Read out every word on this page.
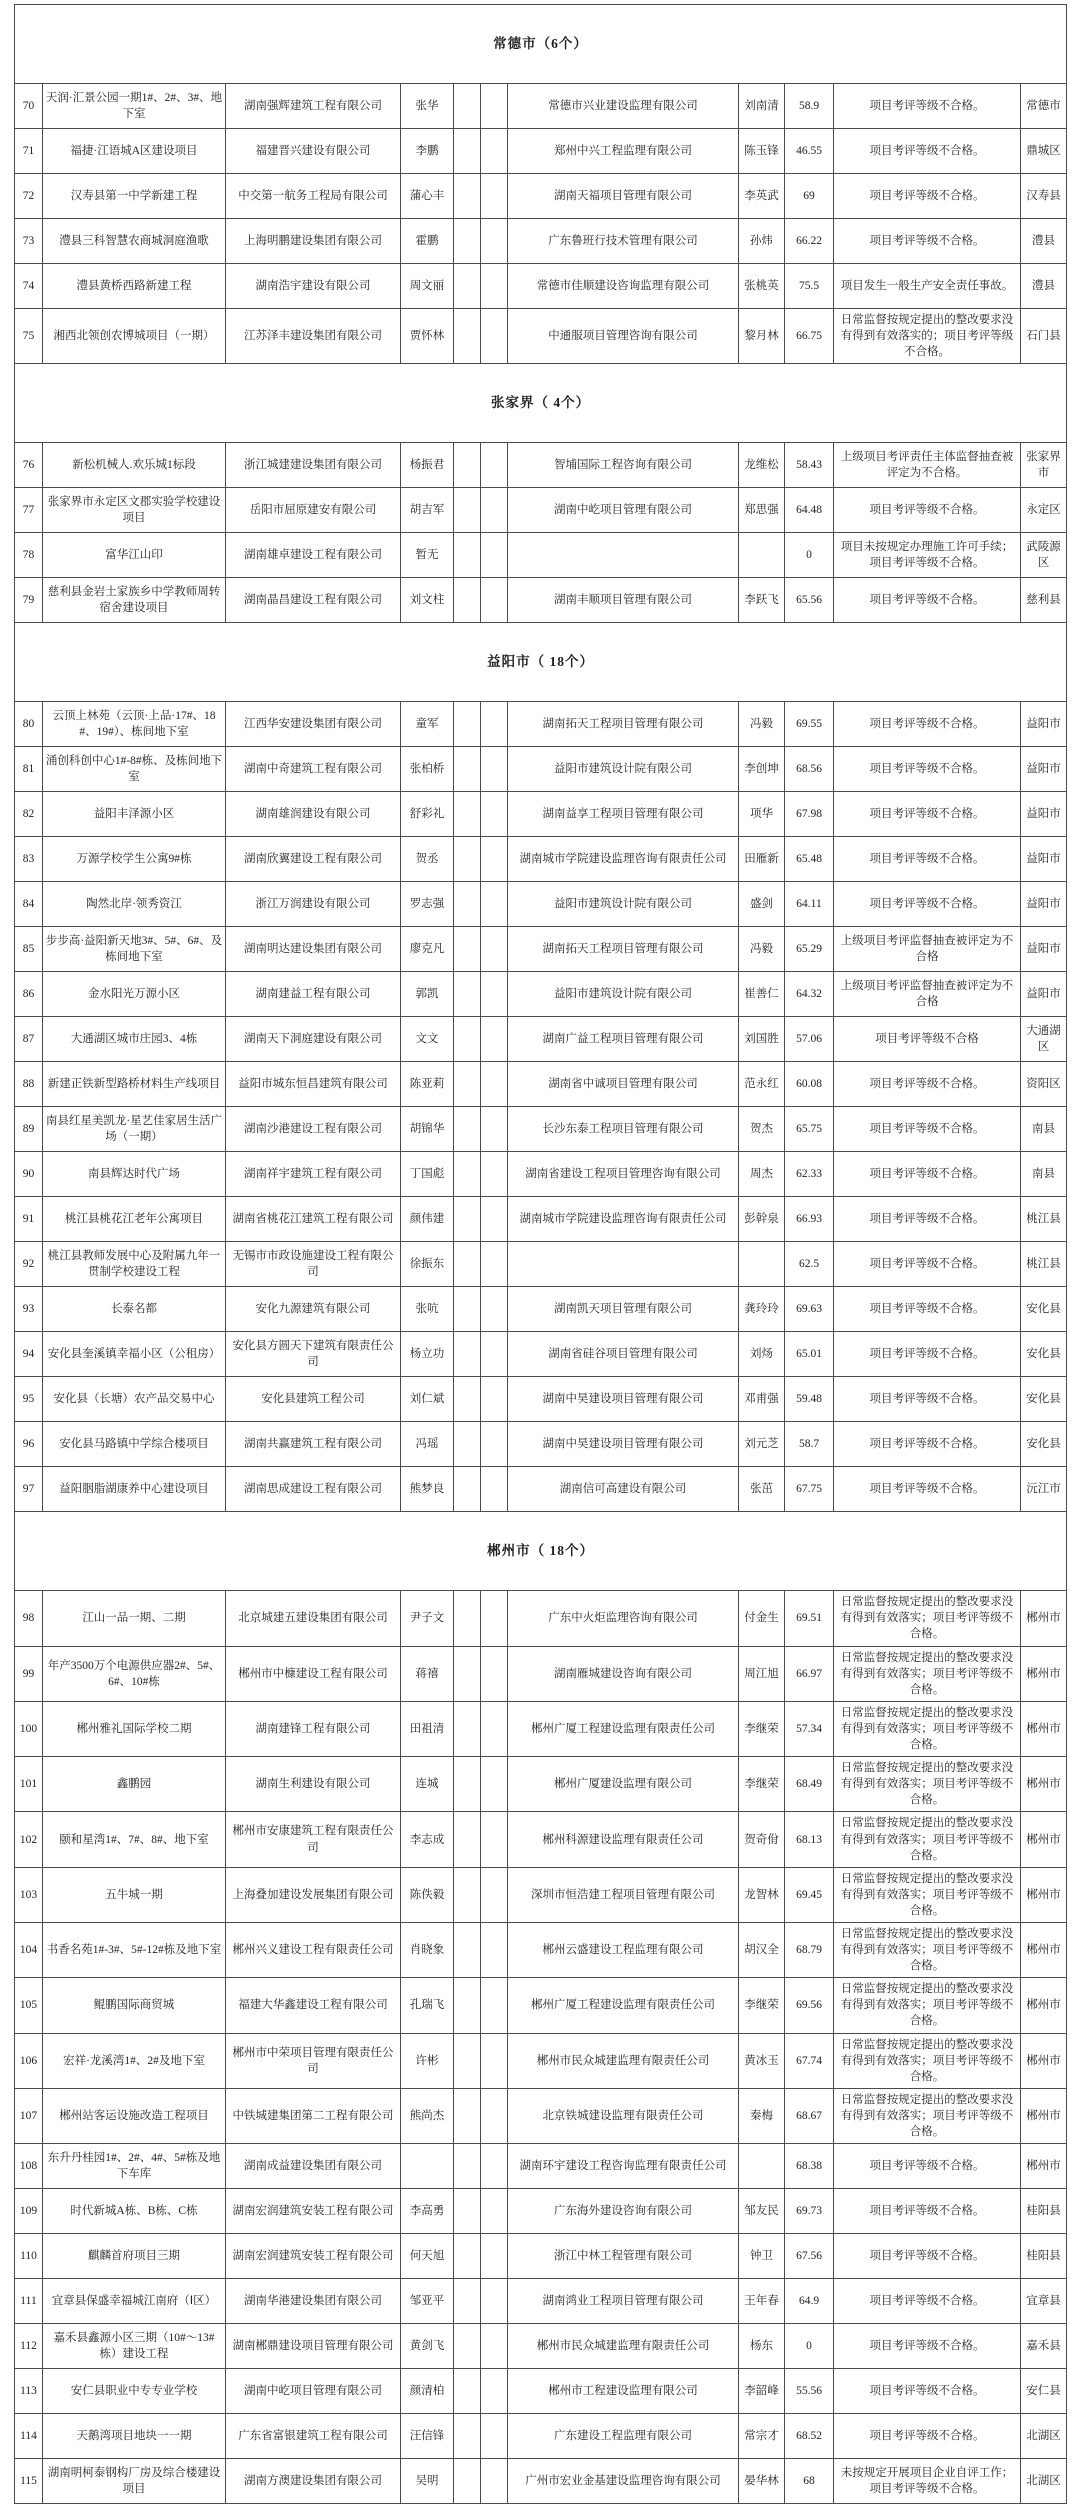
常德市（6个）										
70	天润·汇景公园一期1#、2#、3#、地下室	湖南强辉建筑工程有限公司	张华			常德市兴业建设监理有限公司	刘南清	58.9	项目考评等级不合格。	常德市
71	福捷·江语城A区建设项目	福建晋兴建设有限公司	李鹏			郑州中兴工程监理有限公司	陈玉锋	46.55	项目考评等级不合格。	鼎城区
72	汉寿县第一中学新建工程	中交第一航务工程局有限公司	蒲心丰			湖南天福项目管理有限公司	李英武	69	项目考评等级不合格。	汉寿县
73	澧县三科智慧农商城洞庭渔歌	上海明鹏建设集团有限公司	霍鹏			广东鲁班行技术管理有限公司	孙炜	66.22	项目考评等级不合格。	澧县
74	澧县黄桥西路新建工程	湖南浩宇建设有限公司	周文丽			常德市佳顺建设咨询监理有限公司	张桃英	75.5	项目发生一般生产安全责任事故。	澧县
75	湘西北领创农博城项目（一期）	江苏泽丰建设集团有限公司	贾怀林			中通服项目管理咨询有限公司	黎月林	66.75	日常监督按规定提出的整改要求没有得到有效落实的；项目考评等级不合格。	石门县
张家界（ 4个）										
76	新松机械人.欢乐城1标段	浙江城建建设集团有限公司	杨振君			智埔国际工程咨询有限公司	龙维松	58.43	上级项目考评责任主体监督抽查被评定为不合格。	张家界市
77	张家界市永定区文郡实验学校建设项目	岳阳市屈原建安有限公司	胡吉军			湖南中屹项目管理有限公司	郑思强	64.48	项目考评等级不合格。	永定区
78	富华江山印	湖南雄卓建设工程有限公司	暂无					0	项目未按规定办理施工许可手续；项目考评等级不合格。	武陵源区
79	慈利县金岩土家族乡中学教师周转宿舍建设项目	湖南晶昌建设工程有限公司	刘文柱			湖南丰顺项目管理有限公司	李跃飞	65.56	项目考评等级不合格。	慈利县
益阳市（ 18个）										
80	云顶上林苑（云顶·上品·17#、18#、19#）、栋间地下室	江西华安建设集团有限公司	童军			湖南拓天工程项目管理有限公司	冯毅	69.55	项目考评等级不合格。	益阳市
81	涌创科创中心1#-8#栋、及栋间地下室	湖南中奇建筑工程有限公司	张柏桥			益阳市建筑设计院有限公司	李创坤	68.56	项目考评等级不合格。	益阳市
82	益阳丰泽源小区	湖南雄润建设有限公司	舒彩礼			湖南益享工程项目管理有限公司	项华	67.98	项目考评等级不合格。	益阳市
83	万源学校学生公寓9#栋	湖南欣翼建设工程有限公司	贺丞			湖南城市学院建设监理咨询有限责任公司	田雁新	65.48	项目考评等级不合格。	益阳市
84	陶然北岸·领秀资江	浙江万润建设有限公司	罗志强			益阳市建筑设计院有限公司	盛剑	64.11	项目考评等级不合格。	益阳市
85	步步高·益阳新天地3#、5#、6#、及栋间地下室	湖南明达建设集团有限公司	廖克凡			湖南拓天工程项目管理有限公司	冯毅	65.29	上级项目考评监督抽查被评定为不合格	益阳市
86	金水阳光万源小区	湖南建益工程有限公司	郭凯			益阳市建筑设计院有限公司	崔善仁	64.32	上级项目考评监督抽查被评定为不合格	益阳市
87	大通湖区城市庄园3、4栋	湖南天下洞庭建设有限公司	文文			湖南广益工程项目管理有限公司	刘国胜	57.06	项目考评等级不合格	大通湖区
88	新建正铁新型路桥材料生产线项目	益阳市城东恒昌建筑有限公司	陈亚莉			湖南省中诚项目管理有限公司	范永红	60.08	项目考评等级不合格。	资阳区
89	南县红星美凯龙·星艺佳家居生活广场（一期）	湖南沙港建设工程有限公司	胡锦华			长沙东泰工程项目管理有限公司	贺杰	65.75	项目考评等级不合格。	南县
90	南县辉达时代广场	湖南祥宇建筑工程有限公司	丁国彪			湖南省建设工程项目管理咨询有限公司	周杰	62.33	项目考评等级不合格。	南县
91	桃江县桃花江老年公寓项目	湖南省桃花江建筑工程有限公司	颜伟建			湖南城市学院建设监理咨询有限责任公司	彭幹泉	66.93	项目考评等级不合格。	桃江县
92	桃江县教师发展中心及附属九年一贯制学校建设工程	无锡市市政设施建设工程有限公司	徐振东					62.5	项目考评等级不合格。	桃江县
93	长泰名都	安化九源建筑有限公司	张吭			湖南凯天项目管理有限公司	龚玲玲	69.63	项目考评等级不合格。	安化县
94	安化县奎溪镇幸福小区（公租房）	安化县方圆天下建筑有限责任公司	杨立功			湖南省硅谷项目管理有限公司	刘炀	65.01	项目考评等级不合格。	安化县
95	安化县（长塘）农产品交易中心	安化县建筑工程公司	刘仁斌			湖南中昊建设项目管理有限公司	邓甫强	59.48	项目考评等级不合格。	安化县
96	安化县马路镇中学综合楼项目	湖南共赢建筑工程有限公司	冯瑶			湖南中昊建设项目管理有限公司	刘元芝	58.7	项目考评等级不合格。	安化县
97	益阳胭脂湖康养中心建设项目	湖南思成建设工程有限公司	熊梦良			湖南信可高建设有限公司	张茁	67.75	项目考评等级不合格。	沅江市
郴州市（ 18个）										
98	江山一品一期、二期	北京城建五建设集团有限公司	尹子文			广东中火炬监理咨询有限公司	付金生	69.51	日常监督按规定提出的整改要求没有得到有效落实；项目考评等级不合格。	郴州市
99	年产3500万个电源供应器2#、5#、6#、10#栋	郴州市中槺建设工程有限公司	蒋禧			湖南雁城建设咨询有限公司	周江旭	66.97	日常监督按规定提出的整改要求没有得到有效落实；项目考评等级不合格。	郴州市
100	郴州雅礼国际学校二期	湖南建锋工程有限公司	田祖清			郴州广厦工程建设监理有限责任公司	李继荣	57.34	日常监督按规定提出的整改要求没有得到有效落实；项目考评等级不合格。	郴州市
101	鑫鹏园	湖南生利建设有限公司	连城			郴州广厦建设监理有限公司	李继荣	68.49	日常监督按规定提出的整改要求没有得到有效落实；项目考评等级不合格。	郴州市
102	颐和星湾1#、7#、8#、地下室	郴州市安康建筑工程有限责任公司	李志成			郴州科源建设监理有限责任公司	贺奇佾	68.13	日常监督按规定提出的整改要求没有得到有效落实；项目考评等级不合格。	郴州市
103	五牛城一期	上海叠加建设发展集团有限公司	陈佚毅			深圳市恒浩建工程项目管理有限公司	龙智林	69.45	日常监督按规定提出的整改要求没有得到有效落实；项目考评等级不合格。	郴州市
104	书香名苑1#-3#、5#-12#栋及地下室	郴州兴义建设工程有限责任公司	肖晓象			郴州云盛建设工程监理有限公司	胡汉全	68.79	日常监督按规定提出的整改要求没有得到有效落实；项目考评等级不合格。	郴州市
105	鲲鹏国际商贸城	福建大华鑫建设工程有限公司	孔瑞飞			郴州广厦工程建设监理有限责任公司	李继荣	69.56	日常监督按规定提出的整改要求没有得到有效落实；项目考评等级不合格。	郴州市
106	宏祥·龙溪湾1#、2#及地下室	郴州市中荣项目管理有限责任公司	许彬			郴州市民众城建监理有限责任公司	黄冰玉	67.74	日常监督按规定提出的整改要求没有得到有效落实；项目考评等级不合格。	郴州市
107	郴州站客运设施改造工程项目	中铁城建集团第二工程有限公司	熊尚杰			北京铁城建设监理有限责任公司	秦梅	68.67	日常监督按规定提出的整改要求没有得到有效落实；项目考评等级不合格。	郴州市
108	东升丹桂园1#、2#、4#、5#栋及地下车库	湖南成益建设集团有限公司				湖南环宇建设工程咨询监理有限责任公司		68.38	项目考评等级不合格。	郴州市
109	时代新城A栋、B栋、C栋	湖南宏润建筑安装工程有限公司	李高勇			广东海外建设咨询有限公司	邹友民	69.73	项目考评等级不合格。	桂阳县
110	麒麟首府项目三期	湖南宏润建筑安装工程有限公司	何天旭			浙江中林工程管理有限公司	钟卫	67.56	项目考评等级不合格。	桂阳县
111	宜章县保盛幸福城江南府（Ⅰ区）	湖南华港建设集团有限公司	邹亚平			湖南鸿业工程项目管理有限公司	王年春	64.9	项目考评等级不合格。	宜章县
112	嘉禾县鑫源小区三期（10#～13#栋）建设工程	湖南郴鼎建设项目管理有限公司	黄剑飞			郴州市民众城建监理有限责任公司	杨东	0	项目考评等级不合格。	嘉禾县
113	安仁县职业中专专业学校	湖南中屹项目管理有限公司	颜清柏			郴州市工程建设监理有限公司	李韶峰	55.56	项目考评等级不合格。	安仁县
114	天鹅湾项目地块一一期	广东省富银建筑工程有限公司	汪信锋			广东建设工程监理有限公司	常宗才	68.52	项目考评等级不合格。	北湖区
115	湖南明柯泰钢构厂房及综合楼建设项目	湖南方澳建设集团有限公司	吴明			广州市宏业金基建设监理咨询有限公司	晏华林	68	未按规定开展项目企业自评工作；项目考评等级不合格。	北湖区
